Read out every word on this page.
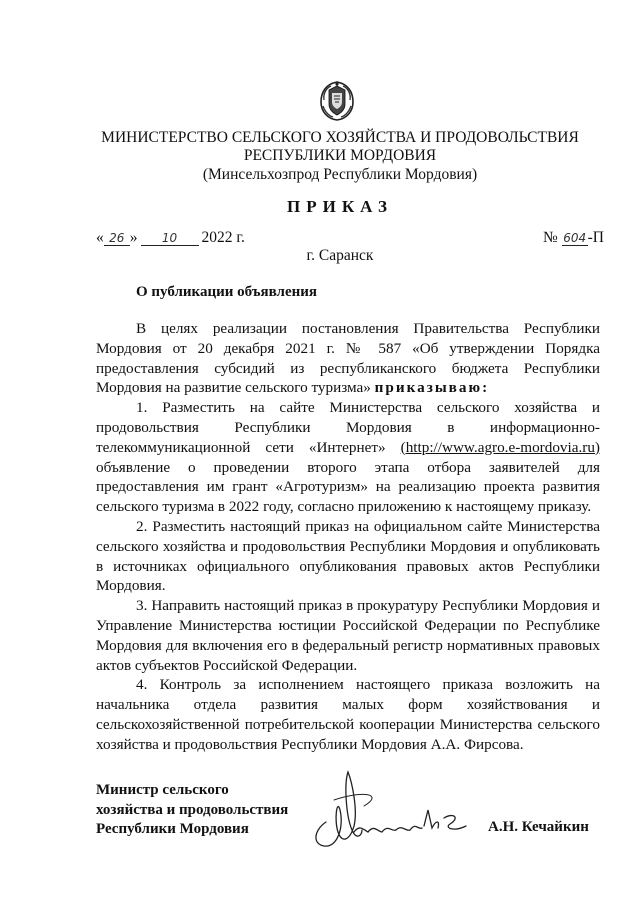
МИНИСТЕРСТВО СЕЛЬСКОГО ХОЗЯЙСТВА И ПРОДОВОЛЬСТВИЯ
РЕСПУБЛИКИ МОРДОВИЯ
(Минсельхозпрод Республики Мордовия)
ПРИКАЗ
« 26 » 10 2022 г.	№ 604-П
г. Саранск
О публикации объявления

В целях реализации постановления Правительства Республики Мордовия от 20 декабря 2021 г. № 587 «Об утверждении Порядка предоставления субсидий из республиканского бюджета Республики Мордовия на развитие сельского туризма» приказываю:

1. Разместить на сайте Министерства сельского хозяйства и продовольствия Республики Мордовия в информационно-телекоммуникационной сети «Интернет» (http://www.agro.e-mordovia.ru) объявление о проведении второго этапа отбора заявителей для предоставления им грант «Агротуризм» на реализацию проекта развития сельского туризма в 2022 году, согласно приложению к настоящему приказу.

2. Разместить настоящий приказ на официальном сайте Министерства сельского хозяйства и продовольствия Республики Мордовия и опубликовать в источниках официального опубликования правовых актов Республики Мордовия.

3. Направить настоящий приказ в прокуратуру Республики Мордовия и Управление Министерства юстиции Российской Федерации по Республике Мордовия для включения его в федеральный регистр нормативных правовых актов субъектов Российской Федерации.

4. Контроль за исполнением настоящего приказа возложить на начальника отдела развития малых форм хозяйствования и сельскохозяйственной потребительской кооперации Министерства сельского хозяйства и продовольствия Республики Мордовия А.А. Фирсова.

Министр сельского
хозяйства и продовольствия
Республики Мордовия	А.Н. Кечайкин
